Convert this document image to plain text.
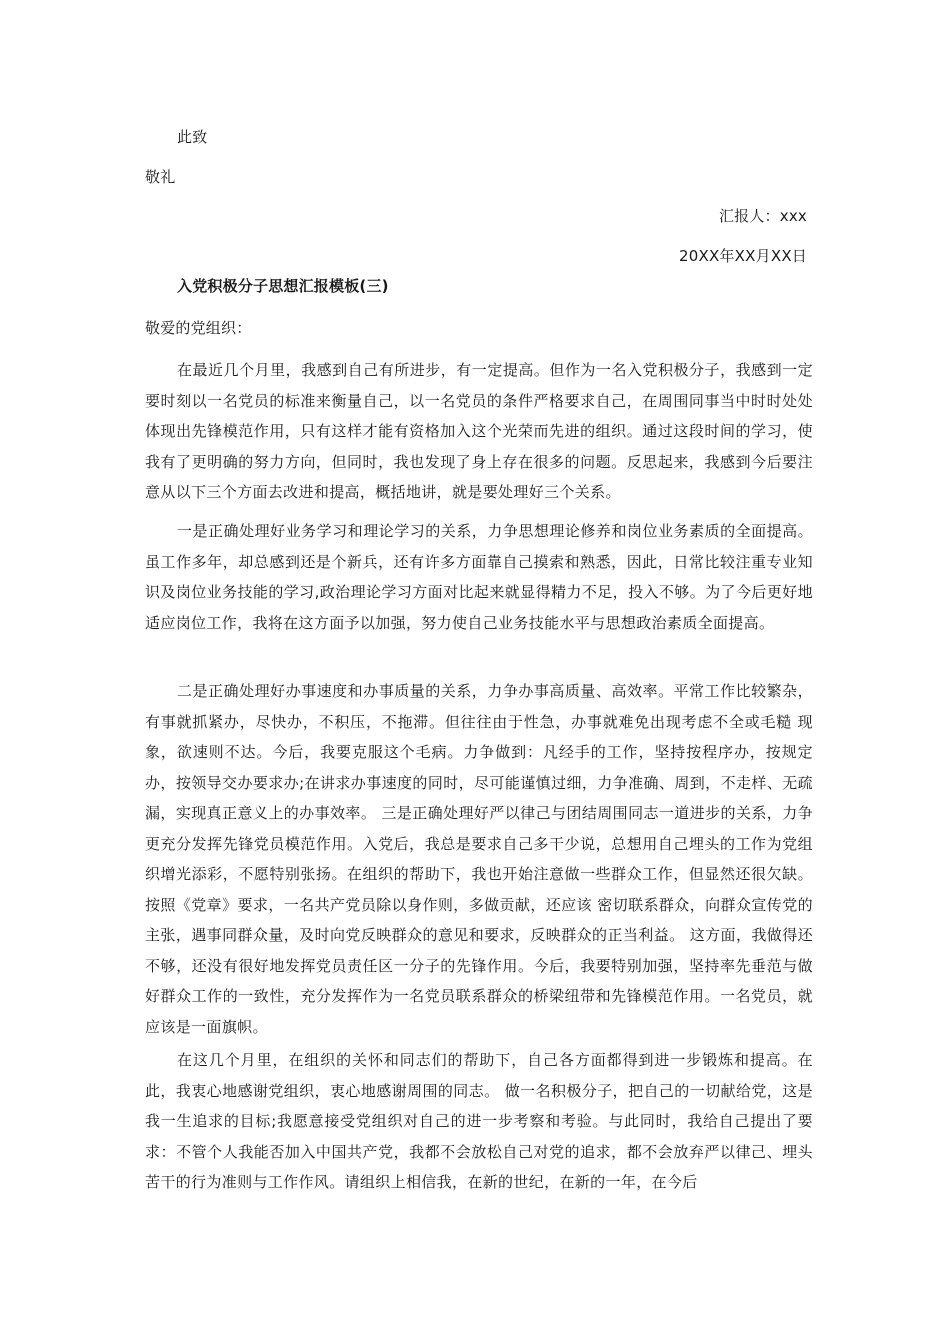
此致
敬礼
汇报人：xxx
20XX年XX月XX日
入党积极分子思想汇报模板(三)
敬爱的党组织：

在最近几个月里，我感到自己有所进步，有一定提高。但作为一名入党积极分子，我感到一定要时刻以一名党员的标准来衡量自己，以一名党员的条件严格要求自己，在周围同事当中时时处处体现出先锋模范作用，只有这样才能有资格加入这个光荣而先进的组织。通过这段时间的学习，使我有了更明确的努力方向，但同时，我也发现了身上存在很多的问题。反思起来，我感到今后要注意从以下三个方面去改进和提高，概括地讲，就是要处理好三个关系。

一是正确处理好业务学习和理论学习的关系，力争思想理论修养和岗位业务素质的全面提高。虽工作多年，却总感到还是个新兵，还有许多方面靠自己摸索和熟悉，因此，日常比较注重专业知识及岗位业务技能的学习,政治理论学习方面对比起来就显得精力不足，投入不够。为了今后更好地适应岗位工作，我将在这方面予以加强，努力使自己业务技能水平与思想政治素质全面提高。

二是正确处理好办事速度和办事质量的关系，力争办事高质量、高效率。平常工作比较繁杂，有事就抓紧办，尽快办，不积压，不拖滞。但往往由于性急，办事就难免出现考虑不全或毛糙 现象，欲速则不达。今后，我要克服这个毛病。力争做到：凡经手的工作，坚持按程序办，按规定办，按领导交办要求办;在讲求办事速度的同时，尽可能谨慎过细，力争准确、周到，不走样、无疏漏，实现真正意义上的办事效率。 三是正确处理好严以律己与团结周围同志一道进步的关系，力争更充分发挥先锋党员模范作用。入党后，我总是要求自己多干少说，总想用自己埋头的工作为党组织增光添彩，不愿特别张扬。在组织的帮助下，我也开始注意做一些群众工作，但显然还很欠缺。按照《党章》要求，一名共产党员除以身作则，多做贡献，还应该 密切联系群众，向群众宣传党的主张，遇事同群众量，及时向党反映群众的意见和要求，反映群众的正当利益。 这方面，我做得还不够，还没有很好地发挥党员责任区一分子的先锋作用。今后，我要特别加强，坚持率先垂范与做好群众工作的一致性，充分发挥作为一名党员联系群众的桥梁纽带和先锋模范作用。一名党员，就应该是一面旗帜。

在这几个月里，在组织的关怀和同志们的帮助下，自己各方面都得到进一步锻炼和提高。在此，我衷心地感谢党组织，衷心地感谢周围的同志。 做一名积极分子，把自己的一切献给党，这是我一生追求的目标;我愿意接受党组织对自己的进一步考察和考验。与此同时，我给自己提出了要求：不管个人我能否加入中国共产党，我都不会放松自己对党的追求，都不会放弃严以律己、埋头苦干的行为准则与工作作风。请组织上相信我，在新的世纪，在新的一年，在今后
